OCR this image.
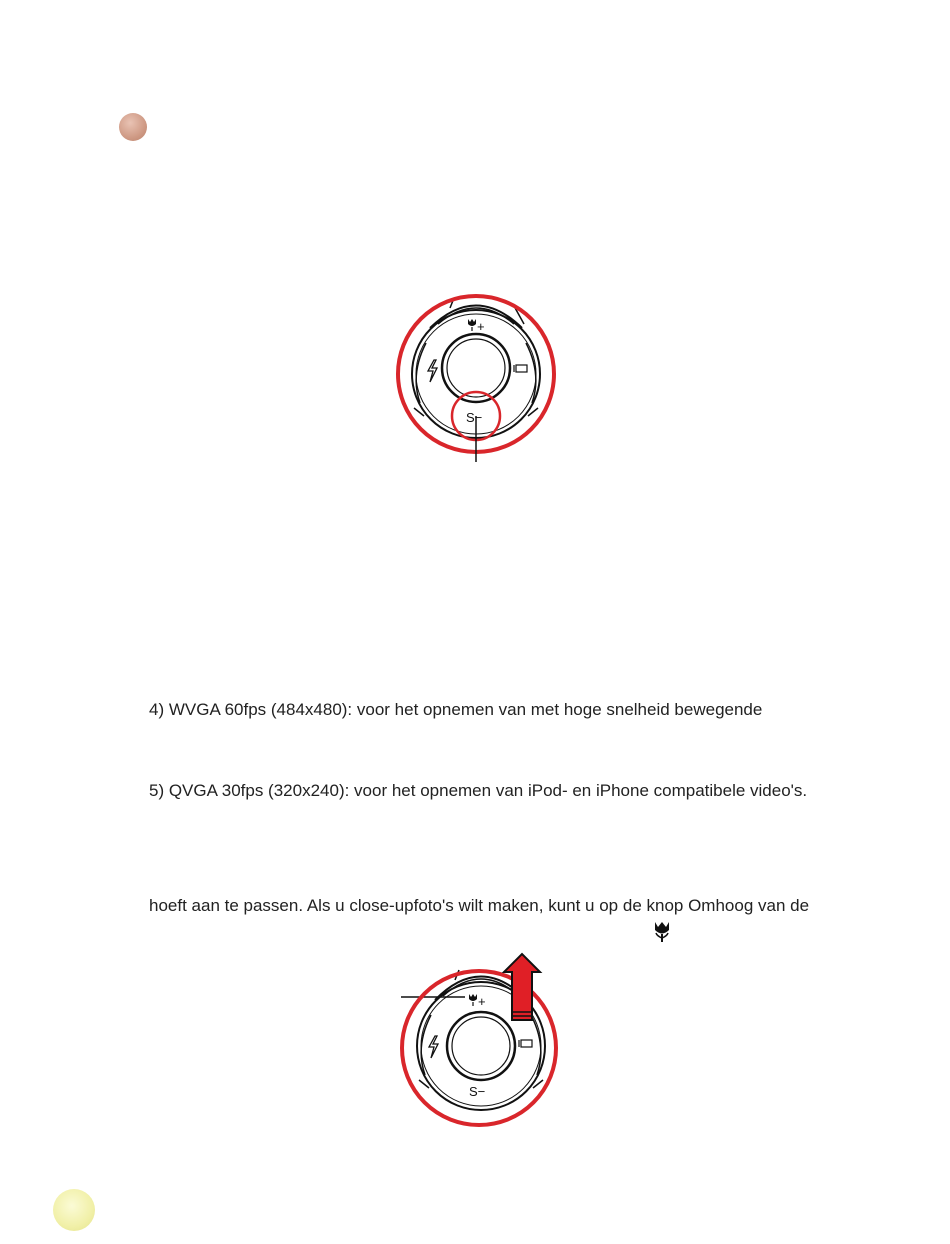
+
S−
4) WVGA 60fps (484x480): voor het opnemen van met hoge snelheid bewegende
5) QVGA 30fps (320x240): voor het opnemen van iPod- en iPhone compatibele video's.
hoeft aan te passen. Als u close-upfoto's wilt maken, kunt u op de knop Omhoog van de
+
S−
